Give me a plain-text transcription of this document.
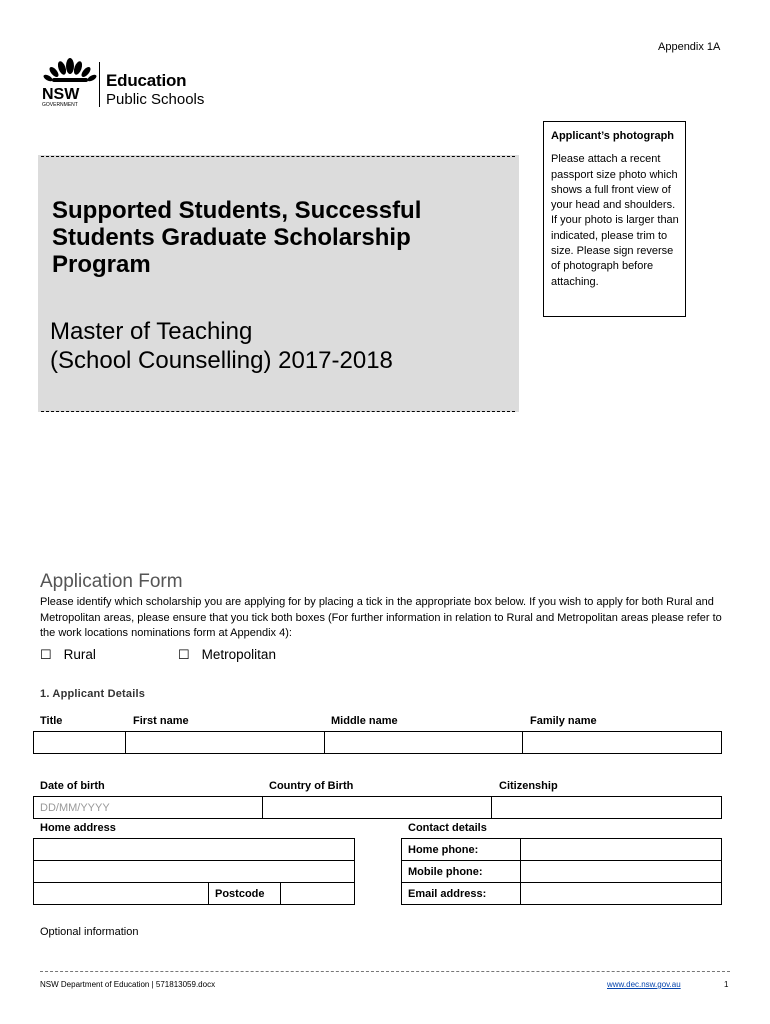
Appendix 1A
NSW
GOVERNMENT
Education
Public Schools
Applicant’s photograph
Please attach a recent passport size photo which shows a full front view of your head and shoulders. If your photo is larger than indicated, please trim to size. Please sign reverse of photograph before attaching.
Supported Students, Successful Students Graduate Scholarship Program
Master of Teaching
(School Counselling) 2017-2018
Application Form
Please identify which scholarship you are applying for by placing a tick in the appropriate box below. If you wish to apply for both Rural and Metropolitan areas, please ensure that you tick both boxes (For further information in relation to Rural and Metropolitan areas please refer to the work locations nominations form at Appendix 4):
☐ Rural	☐ Metropolitan
1. Applicant Details
Title	First name	Middle name	Family name

Date of birth	Country of Birth	Citizenship
DD/MM/YYYY		
Home address	Contact details

	Postcode	
Home phone:	
Mobile phone:	
Email address:	
Optional information
NSW Department of Education | 571813059.docx	www.dec.nsw.gov.au	1
